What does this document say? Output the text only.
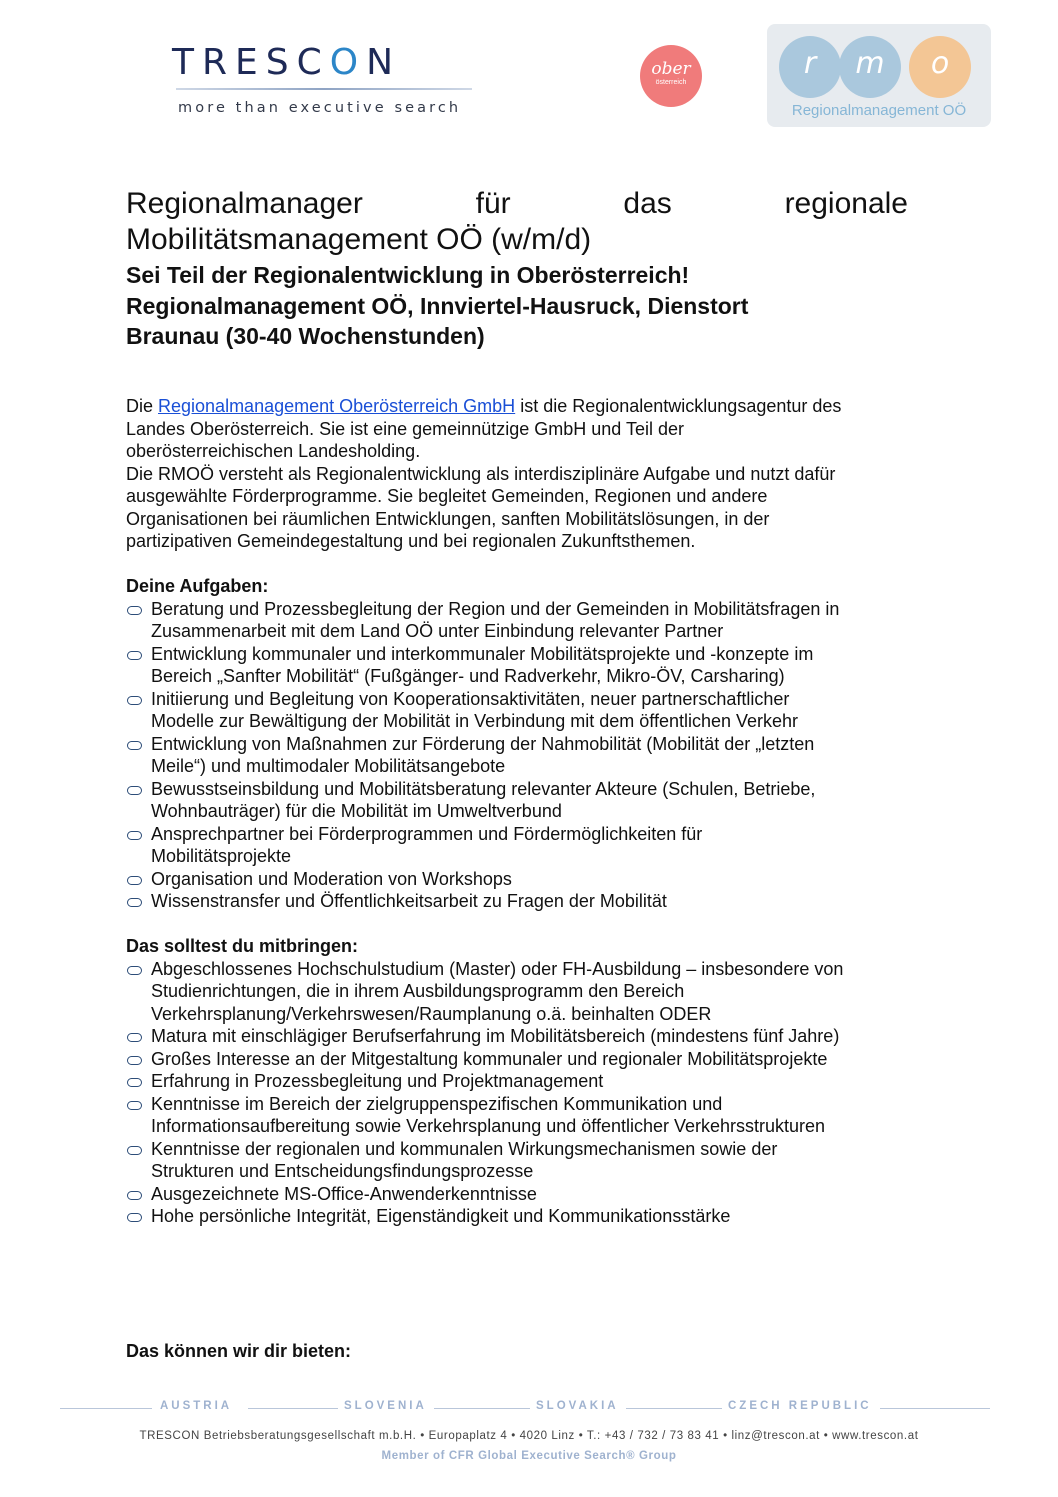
TRESCON
more than executive search
ober
österreich
r	m	o
Regionalmanagement OÖ
Regionalmanager	für	das	regionale
Mobilitätsmanagement OÖ (w/m/d)
Sei Teil der Regionalentwicklung in Oberösterreich!
Regionalmanagement OÖ, Innviertel-Hausruck, Dienstort
Braunau (30-40 Wochenstunden)
Die Regionalmanagement Oberösterreich GmbH ist die Regionalentwicklungsagentur des
Landes Oberösterreich. Sie ist eine gemeinnützige GmbH und Teil der
oberösterreichischen Landesholding.
Die RMOÖ versteht als Regionalentwicklung als interdisziplinäre Aufgabe und nutzt dafür
ausgewählte Förderprogramme. Sie begleitet Gemeinden, Regionen und andere
Organisationen bei räumlichen Entwicklungen, sanften Mobilitätslösungen, in der
partizipativen Gemeindegestaltung und bei regionalen Zukunftsthemen.
Deine Aufgaben:
Beratung und Prozessbegleitung der Region und der Gemeinden in Mobilitätsfragen in
Zusammenarbeit mit dem Land OÖ unter Einbindung relevanter Partner
Entwicklung kommunaler und interkommunaler Mobilitätsprojekte und -konzepte im
Bereich „Sanfter Mobilität“ (Fußgänger- und Radverkehr, Mikro-ÖV, Carsharing)
Initiierung und Begleitung von Kooperationsaktivitäten, neuer partnerschaftlicher
Modelle zur Bewältigung der Mobilität in Verbindung mit dem öffentlichen Verkehr
Entwicklung von Maßnahmen zur Förderung der Nahmobilität (Mobilität der „letzten
Meile“) und multimodaler Mobilitätsangebote
Bewusstseinsbildung und Mobilitätsberatung relevanter Akteure (Schulen, Betriebe,
Wohnbauträger) für die Mobilität im Umweltverbund
Ansprechpartner bei Förderprogrammen und Fördermöglichkeiten für
Mobilitätsprojekte
Organisation und Moderation von Workshops
Wissenstransfer und Öffentlichkeitsarbeit zu Fragen der Mobilität
Das solltest du mitbringen:
Abgeschlossenes Hochschulstudium (Master) oder FH-Ausbildung – insbesondere von
Studienrichtungen, die in ihrem Ausbildungsprogramm den Bereich
Verkehrsplanung/Verkehrswesen/Raumplanung o.ä. beinhalten ODER
Matura mit einschlägiger Berufserfahrung im Mobilitätsbereich (mindestens fünf Jahre)
Großes Interesse an der Mitgestaltung kommunaler und regionaler Mobilitätsprojekte
Erfahrung in Prozessbegleitung und Projektmanagement
Kenntnisse im Bereich der zielgruppenspezifischen Kommunikation und
Informationsaufbereitung sowie Verkehrsplanung und öffentlicher Verkehrsstrukturen
Kenntnisse der regionalen und kommunalen Wirkungsmechanismen sowie der
Strukturen und Entscheidungsfindungsprozesse
Ausgezeichnete MS-Office-Anwenderkenntnisse
Hohe persönliche Integrität, Eigenständigkeit und Kommunikationsstärke
Das können wir dir bieten:
AUSTRIA	SLOVENIA	SLOVAKIA	CZECH REPUBLIC
TRESCON Betriebsberatungsgesellschaft m.b.H. • Europaplatz 4 • 4020 Linz • T.: +43 / 732 / 73 83 41 • linz@trescon.at • www.trescon.at
Member of CFR Global Executive Search® Group
